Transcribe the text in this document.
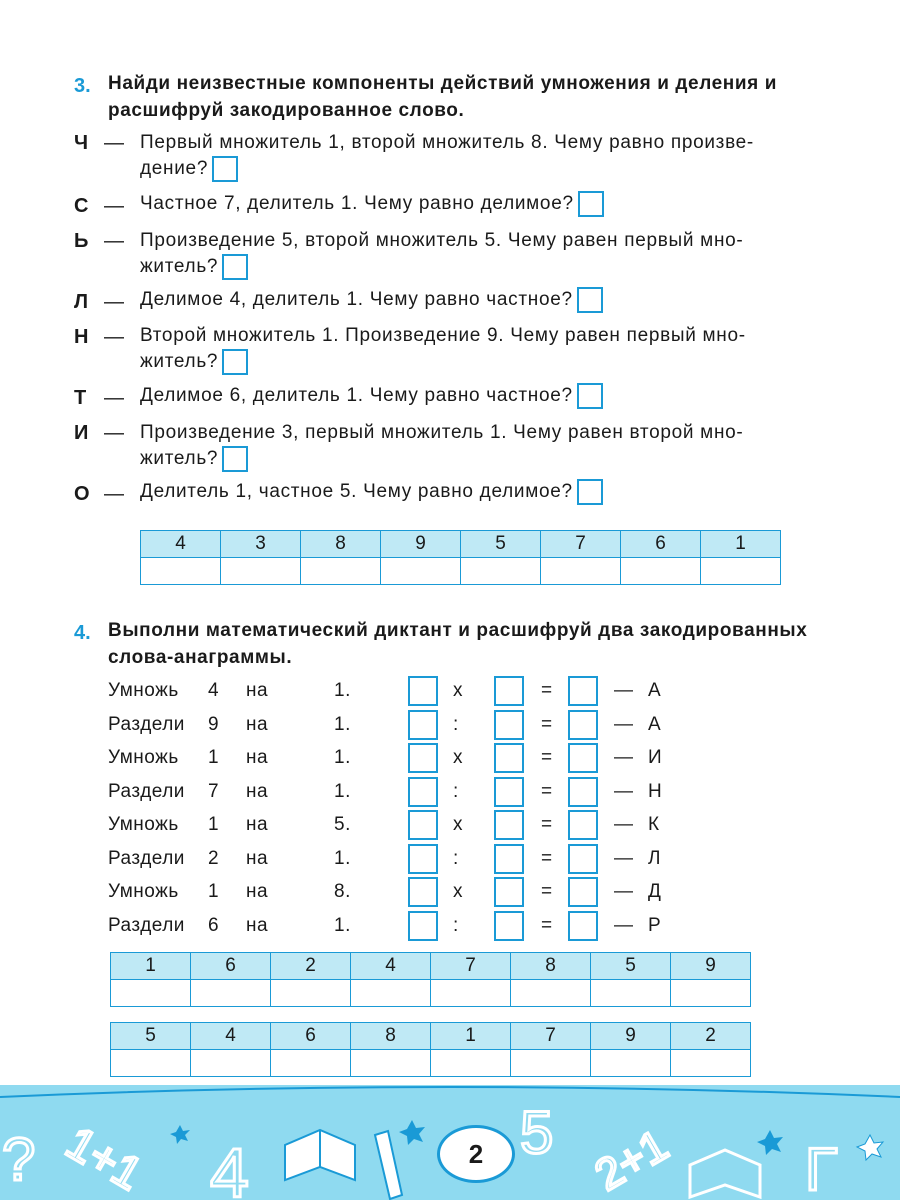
3. Найди неизвестные компоненты действий умножения и деления и
расшифруй закодированное слово.
Ч — Первый множитель 1, второй множитель 8. Чему равно произве-
дение?
С — Частное 7, делитель 1. Чему равно делимое?
Ь — Произведение 5, второй множитель 5. Чему равен первый мно-
житель?
Л — Делимое 4, делитель 1. Чему равно частное?
Н — Второй множитель 1. Произведение 9. Чему равен первый мно-
житель?
Т — Делимое 6, делитель 1. Чему равно частное?
И — Произведение 3, первый множитель 1. Чему равен второй мно-
житель?
О — Делитель 1, частное 5. Чему равно делимое?
4	3	8	9	5	7	6	1

4. Выполни математический диктант и расшифруй два закодированных
слова-анаграммы.
Умножь 4 на	1.	х	=	— А
Раздели 9 на	1.	:	=	— А
Умножь 1 на	1.	х	=	— И
Раздели 7 на	1.	:	=	— Н
Умножь 1 на	5.	х	=	— К
Раздели 2 на	1.	:	=	— Л
Умножь 1 на	8.	х	=	— Д
Раздели 6 на	1.	:	=	— Р
1	6	2	4	7	8	5	9

5	4	6	8	1	7	9	2

? 1+1 4
5 2+1 Г
2
